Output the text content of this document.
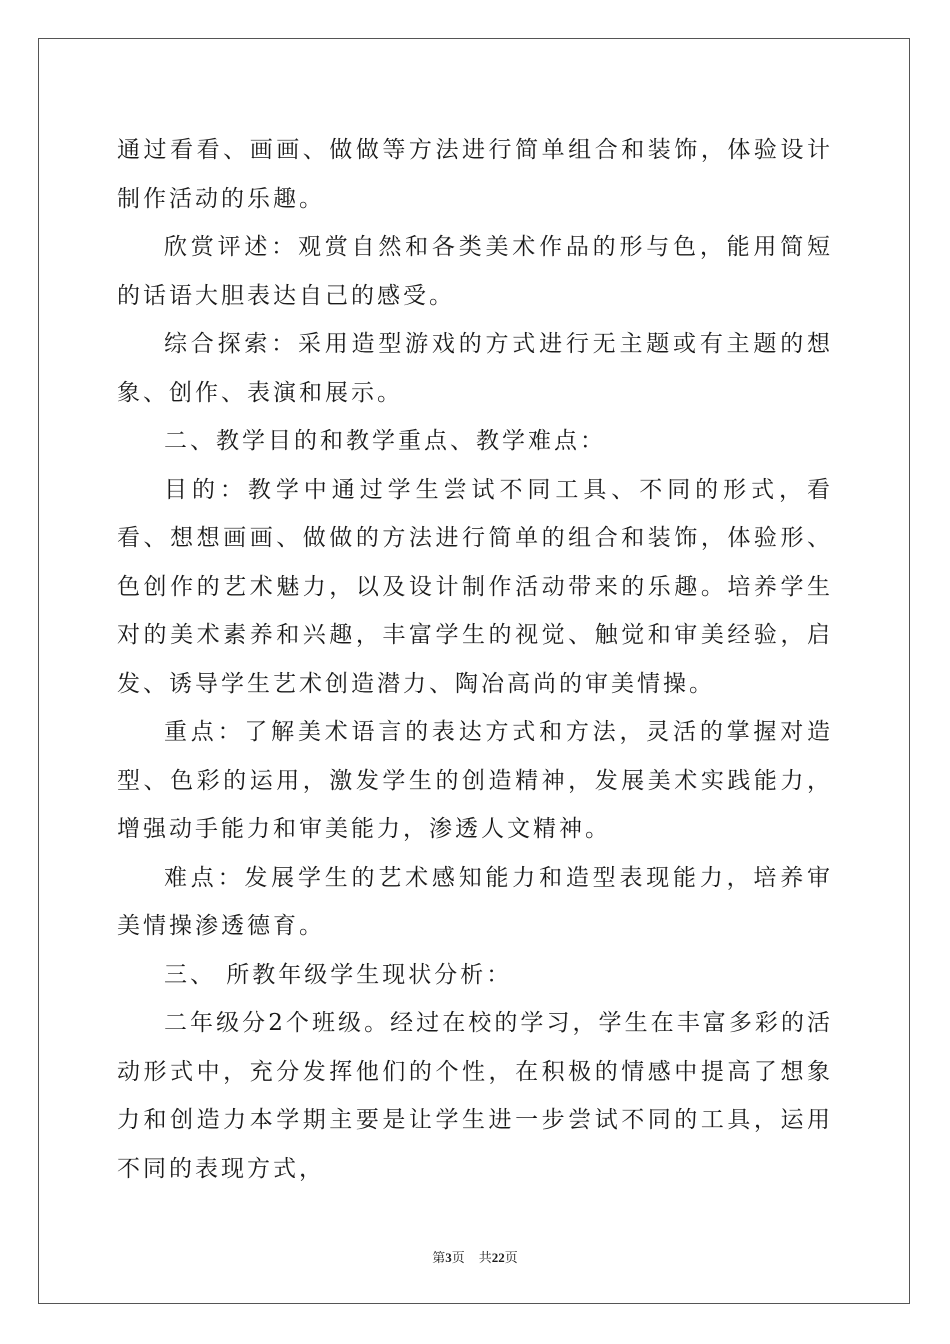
通过看看、画画、做做等方法进行简单组合和装饰，体验设计制作活动的乐趣。

欣赏评述：观赏自然和各类美术作品的形与色，能用简短的话语大胆表达自己的感受。

综合探索：采用造型游戏的方式进行无主题或有主题的想象、创作、表演和展示。

二、教学目的和教学重点、教学难点：

目的：教学中通过学生尝试不同工具、不同的形式，看看、想想画画、做做的方法进行简单的组合和装饰，体验形、色创作的艺术魅力，以及设计制作活动带来的乐趣。培养学生对的美术素养和兴趣，丰富学生的视觉、触觉和审美经验，启发、诱导学生艺术创造潜力、陶冶高尚的审美情操。

重点：了解美术语言的表达方式和方法，灵活的掌握对造型、色彩的运用，激发学生的创造精神，发展美术实践能力，增强动手能力和审美能力，渗透人文精神。

难点：发展学生的艺术感知能力和造型表现能力，培养审美情操渗透德育。

三、 所教年级学生现状分析：

二年级分2个班级。经过在校的学习，学生在丰富多彩的活动形式中，充分发挥他们的个性，在积极的情感中提高了想象力和创造力本学期主要是让学生进一步尝试不同的工具，运用不同的表现方式，

第3页 共22页
